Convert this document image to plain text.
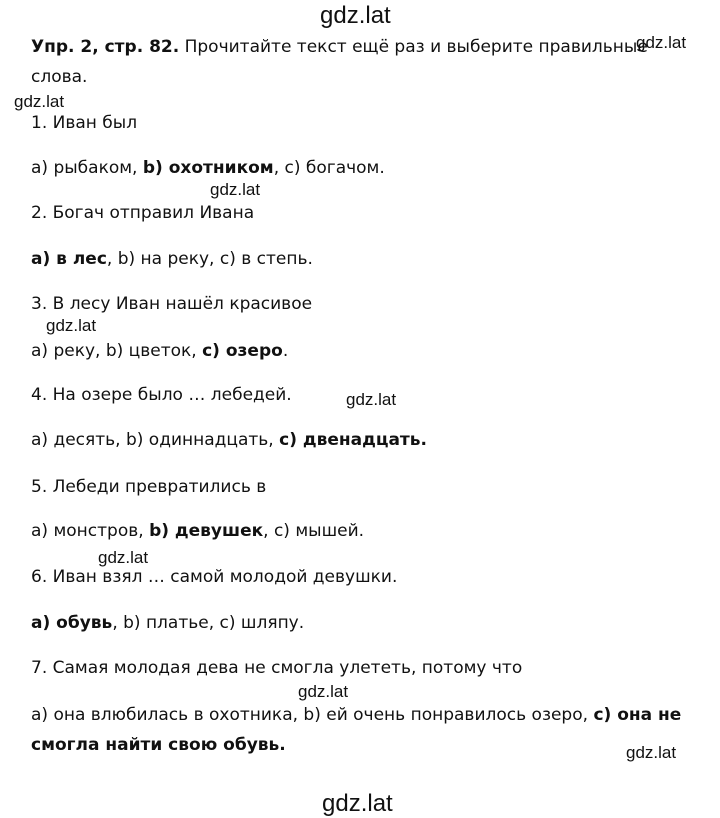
gdz.lat
Упр. 2, стр. 82. Прочитайте текст ещё раз и выберите правильные
gdz.lat
слова.
gdz.lat
1. Иван был
а) рыбаком, b) охотником, c) богачом.
gdz.lat
2. Богач отправил Ивана
a) в лес, b) на реку, c) в степь.
3. В лесу Иван нашёл красивое
gdz.lat
a) реку, b) цветок, c) озеро.
4. На озере было … лебедей.	gdz.lat
a) десять, b) одиннадцать, c) двенадцать.
5. Лебеди превратились в
a) монстров, b) девушек, c) мышей.
gdz.lat
6. Иван взял … самой молодой девушки.
a) обувь, b) платье, c) шляпу.
7. Самая молодая дева не смогла улететь, потому что
gdz.lat
a) она влюбилась в охотника, b) ей очень понравилось озеро, c) она не
смогла найти свою обувь.	gdz.lat
gdz.lat
